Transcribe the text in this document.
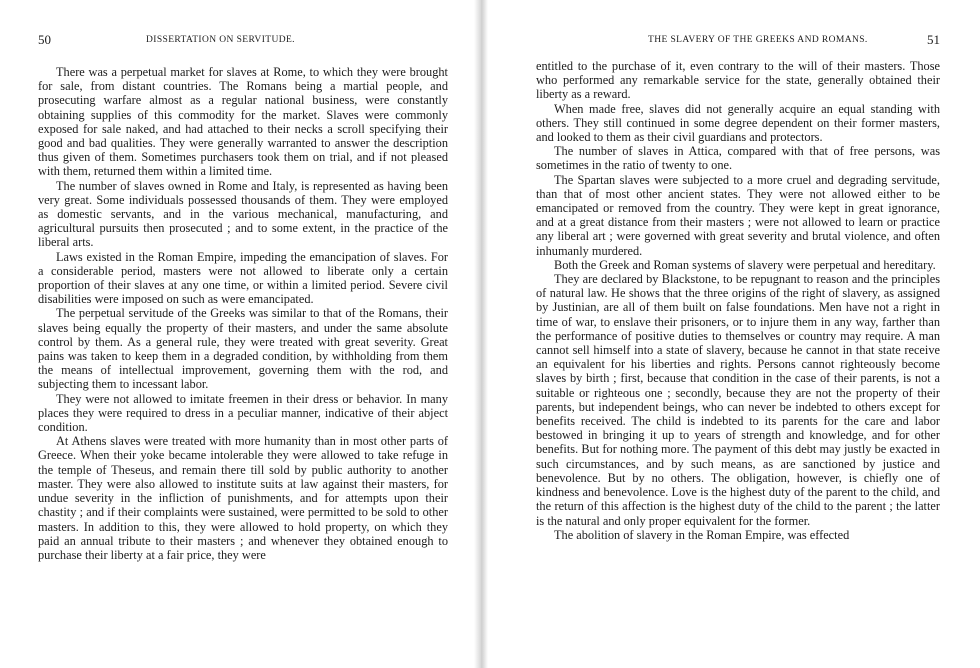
50	DISSERTATION ON SERVITUDE.

There was a perpetual market for slaves at Rome, to which they were brought for sale, from distant countries. The Romans being a martial people, and prosecuting warfare almost as a regular national business, were constantly obtaining supplies of this commodity for the market. Slaves were commonly exposed for sale naked, and had attached to their necks a scroll specifying their good and bad qualities. They were generally warranted to answer the description thus given of them. Sometimes purchasers took them on trial, and if not pleased with them, returned them within a limited time.

The number of slaves owned in Rome and Italy, is represented as having been very great. Some individuals possessed thousands of them. They were employed as domestic servants, and in the various mechanical, manufacturing, and agricultural pursuits then prosecuted ; and to some extent, in the practice of the liberal arts.

Laws existed in the Roman Empire, impeding the emancipation of slaves. For a considerable period, masters were not allowed to liberate only a certain proportion of their slaves at any one time, or within a limited period. Severe civil disabilities were imposed on such as were emancipated.

The perpetual servitude of the Greeks was similar to that of the Romans, their slaves being equally the property of their masters, and under the same absolute control by them. As a general rule, they were treated with great severity. Great pains was taken to keep them in a degraded condition, by withholding from them the means of intellectual improvement, governing them with the rod, and subjecting them to incessant labor.

They were not allowed to imitate freemen in their dress or behavior. In many places they were required to dress in a peculiar manner, indicative of their abject condition.

At Athens slaves were treated with more humanity than in most other parts of Greece. When their yoke became intolerable they were allowed to take refuge in the temple of Theseus, and remain there till sold by public authority to another master. They were also allowed to institute suits at law against their masters, for undue severity in the infliction of punishments, and for attempts upon their chastity ; and if their complaints were sustained, were permitted to be sold to other masters. In addition to this, they were allowed to hold property, on which they paid an annual tribute to their masters ; and whenever they obtained enough to purchase their liberty at a fair price, they were

THE SLAVERY OF THE GREEKS AND ROMANS.	51

entitled to the purchase of it, even contrary to the will of their masters. Those who performed any remarkable service for the state, generally obtained their liberty as a reward.

When made free, slaves did not generally acquire an equal standing with others. They still continued in some degree dependent on their former masters, and looked to them as their civil guardians and protectors.

The number of slaves in Attica, compared with that of free persons, was sometimes in the ratio of twenty to one.

The Spartan slaves were subjected to a more cruel and degrading servitude, than that of most other ancient states. They were not allowed either to be emancipated or removed from the country. They were kept in great ignorance, and at a great distance from their masters ; were not allowed to learn or practice any liberal art ; were governed with great severity and brutal violence, and often inhumanly murdered.

Both the Greek and Roman systems of slavery were perpetual and hereditary.

They are declared by Blackstone, to be repugnant to reason and the principles of natural law. He shows that the three origins of the right of slavery, as assigned by Justinian, are all of them built on false foundations. Men have not a right in time of war, to enslave their prisoners, or to injure them in any way, farther than the performance of positive duties to themselves or country may require. A man cannot sell himself into a state of slavery, because he cannot in that state receive an equivalent for his liberties and rights. Persons cannot righteously become slaves by birth ; first, because that condition in the case of their parents, is not a suitable or righteous one ; secondly, because they are not the property of their parents, but independent beings, who can never be indebted to others except for benefits received. The child is indebted to its parents for the care and labor bestowed in bringing it up to years of strength and knowledge, and for other benefits. But for nothing more. The payment of this debt may justly be exacted in such circumstances, and by such means, as are sanctioned by justice and benevolence. But by no others. The obligation, however, is chiefly one of kindness and benevolence. Love is the highest duty of the parent to the child, and the return of this affection is the highest duty of the child to the parent ; the latter is the natural and only proper equivalent for the former.

The abolition of slavery in the Roman Empire, was effected
